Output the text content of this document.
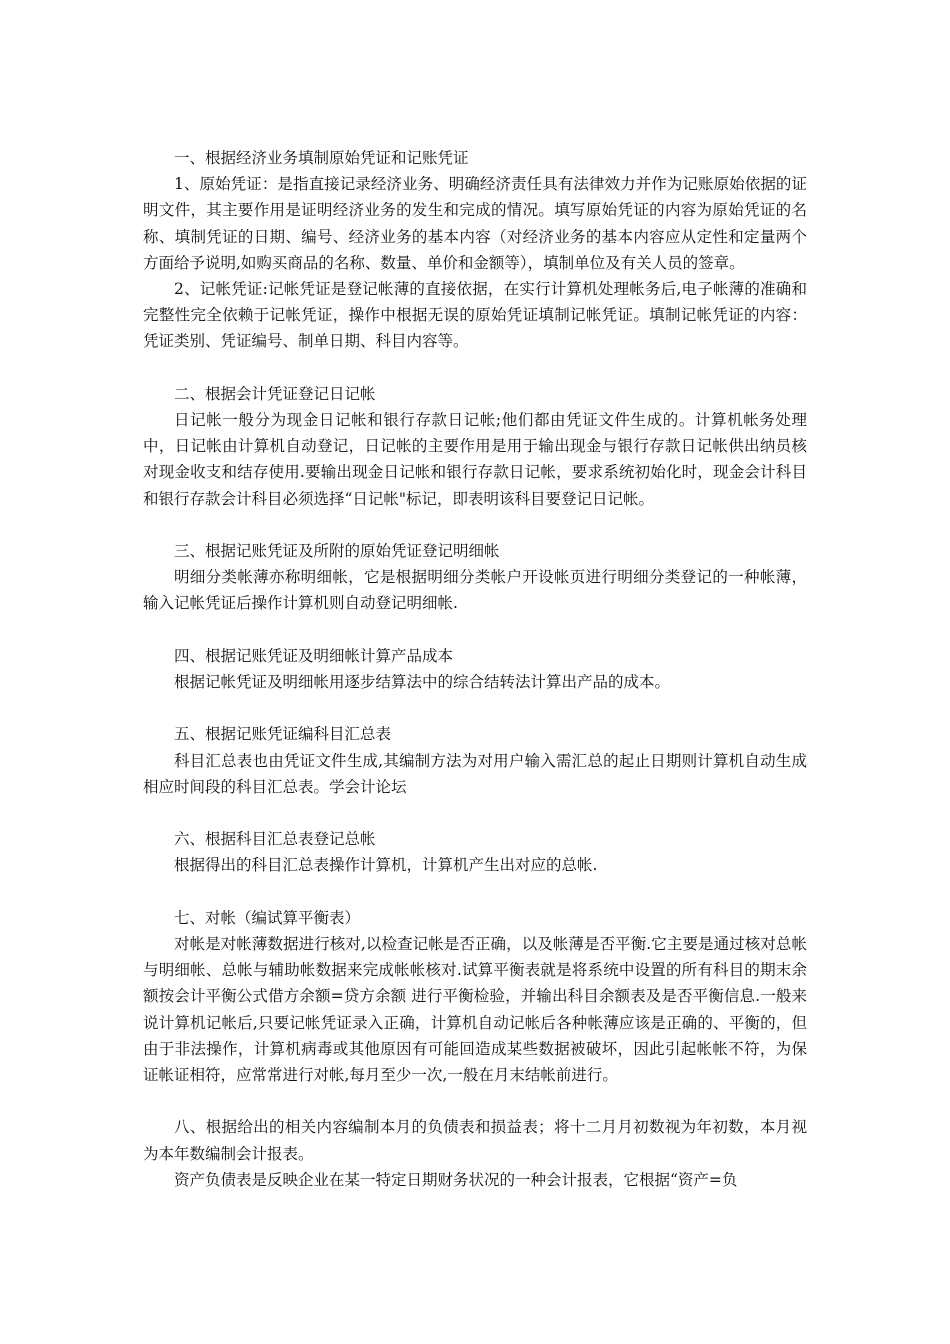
一、根据经济业务填制原始凭证和记账凭证

1、原始凭证：是指直接记录经济业务、明确经济责任具有法律效力并作为记账原始依据的证明文件，其主要作用是证明经济业务的发生和完成的情况。填写原始凭证的内容为原始凭证的名称、填制凭证的日期、编号、经济业务的基本内容（对经济业务的基本内容应从定性和定量两个方面给予说明,如购买商品的名称、数量、单价和金额等），填制单位及有关人员的签章。

2、记帐凭证:记帐凭证是登记帐薄的直接依据，在实行计算机处理帐务后,电子帐薄的准确和完整性完全依赖于记帐凭证，操作中根据无误的原始凭证填制记帐凭证。填制记帐凭证的内容：凭证类别、凭证编号、制单日期、科目内容等。

二、根据会计凭证登记日记帐

日记帐一般分为现金日记帐和银行存款日记帐;他们都由凭证文件生成的。计算机帐务处理中，日记帐由计算机自动登记，日记帐的主要作用是用于输出现金与银行存款日记帐供出纳员核对现金收支和结存使用.要输出现金日记帐和银行存款日记帐，要求系统初始化时，现金会计科目和银行存款会计科目必须选择“日记帐"标记，即表明该科目要登记日记帐。

三、根据记账凭证及所附的原始凭证登记明细帐

明细分类帐薄亦称明细帐，它是根据明细分类帐户开设帐页进行明细分类登记的一种帐薄，输入记帐凭证后操作计算机则自动登记明细帐.

四、根据记账凭证及明细帐计算产品成本

根据记帐凭证及明细帐用逐步结算法中的综合结转法计算出产品的成本。

五、根据记账凭证编科目汇总表

科目汇总表也由凭证文件生成,其编制方法为对用户输入需汇总的起止日期则计算机自动生成相应时间段的科目汇总表。学会计论坛

六、根据科目汇总表登记总帐

根据得出的科目汇总表操作计算机，计算机产生出对应的总帐.

七、对帐（编试算平衡表）

对帐是对帐薄数据进行核对,以检查记帐是否正确，以及帐薄是否平衡.它主要是通过核对总帐与明细帐、总帐与辅助帐数据来完成帐帐核对.试算平衡表就是将系统中设置的所有科目的期末余额按会计平衡公式借方余额=贷方余额 进行平衡检验，并输出科目余额表及是否平衡信息.一般来说计算机记帐后,只要记帐凭证录入正确，计算机自动记帐后各种帐薄应该是正确的、平衡的，但由于非法操作，计算机病毒或其他原因有可能回造成某些数据被破坏，因此引起帐帐不符，为保证帐证相符，应常常进行对帐,每月至少一次,一般在月末结帐前进行。

八、根据给出的相关内容编制本月的负债表和损益表；将十二月月初数视为年初数，本月视为本年数编制会计报表。

资产负债表是反映企业在某一特定日期财务状况的一种会计报表，它根据“资产=负
